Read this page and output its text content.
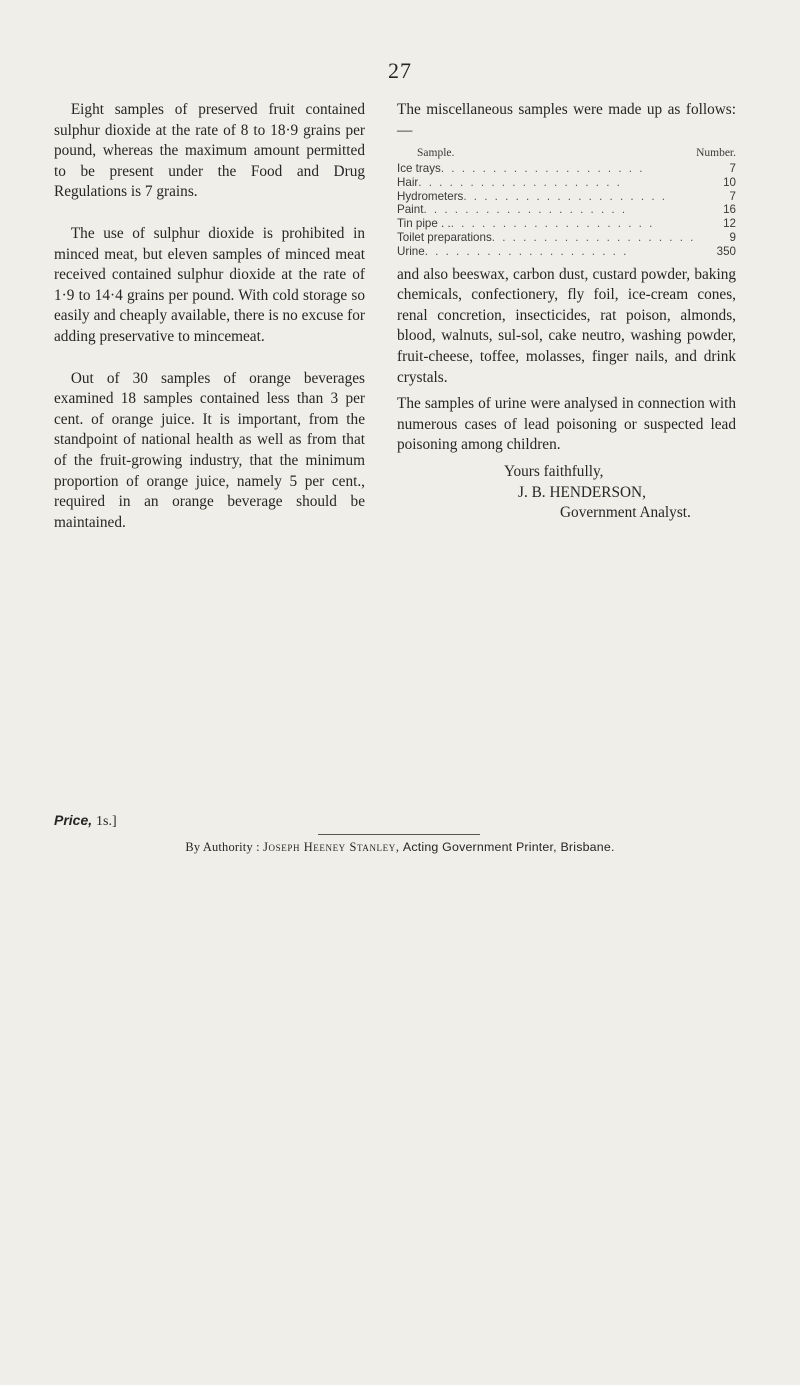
27

Eight samples of preserved fruit contained sulphur dioxide at the rate of 8 to 18·9 grains per pound, whereas the maximum amount permitted to be present under the Food and Drug Regulations is 7 grains.

The use of sulphur dioxide is prohibited in minced meat, but eleven samples of minced meat received contained sulphur dioxide at the rate of 1·9 to 14·4 grains per pound. With cold storage so easily and cheaply available, there is no excuse for adding preservative to mincemeat.

Out of 30 samples of orange beverages examined 18 samples contained less than 3 per cent. of orange juice. It is important, from the standpoint of national health as well as from that of the fruit-growing industry, that the minimum proportion of orange juice, namely 5 per cent., required in an orange beverage should be maintained.

The miscellaneous samples were made up as follows:—

Sample.	Number.
Ice trays . . . . . . . . . . . . . . . . . . . .	7
Hair . . . . . . . . . . . . . . . . . . . .	10
Hydrometers . . . . . . . . . . . . . . . . . . . .	7
Paint . . . . . . . . . . . . . . . . . . . .	16
Tin pipe . . . . . . . . . . . . . . . . . . . . . .	12
Toilet preparations . . . . . . . . . . . . . . . . . . . .	9
Urine . . . . . . . . . . . . . . . . . . . .	350

and also beeswax, carbon dust, custard powder, baking chemicals, confectionery, fly foil, ice-cream cones, renal concretion, insecticides, rat poison, almonds, blood, walnuts, sul-sol, cake neutro, washing powder, fruit-cheese, toffee, molasses, finger nails, and drink crystals.

The samples of urine were analysed in connection with numerous cases of lead poisoning or suspected lead poisoning among children.

Yours faithfully,
J. B. HENDERSON,
Government Analyst.
Price, 1s.]
By Authority : Joseph Heeney Stanley, Acting Government Printer, Brisbane.
